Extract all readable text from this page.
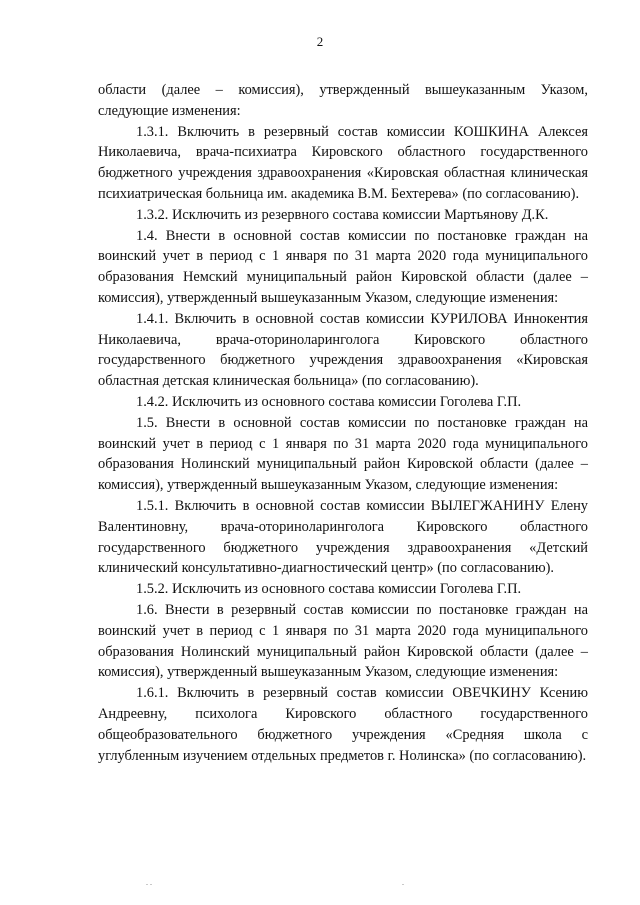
2

области (далее – комиссия), утвержденный вышеуказанным Указом, следующие изменения:

1.3.1. Включить в резервный состав комиссии КОШКИНА Алексея Николаевича, врача-психиатра Кировского областного государственного бюджетного учреждения здравоохранения «Кировская областная клиническая психиатрическая больница им. академика В.М. Бехтерева» (по согласованию).

1.3.2. Исключить из резервного состава комиссии Мартьянову Д.К.

1.4. Внести в основной состав комиссии по постановке граждан на воинский учет в период с 1 января по 31 марта 2020 года муниципального образования Немский муниципальный район Кировской области (далее – комиссия), утвержденный вышеуказанным Указом, следующие изменения:

1.4.1. Включить в основной состав комиссии КУРИЛОВА Иннокентия Николаевича, врача-оториноларинголога Кировского областного государственного бюджетного учреждения здравоохранения «Кировская областная детская клиническая больница» (по согласованию).

1.4.2. Исключить из основного состава комиссии Гоголева Г.П.

1.5. Внести в основной состав комиссии по постановке граждан на воинский учет в период с 1 января по 31 марта 2020 года муниципального образования Нолинский муниципальный район Кировской области (далее – комиссия), утвержденный вышеуказанным Указом, следующие изменения:

1.5.1. Включить в основной состав комиссии ВЫЛЕГЖАНИНУ Елену Валентиновну, врача-оториноларинголога Кировского областного государственного бюджетного учреждения здравоохранения «Детский клинический консультативно-диагностический центр» (по согласованию).

1.5.2. Исключить из основного состава комиссии Гоголева Г.П.

1.6. Внести в резервный состав комиссии по постановке граждан на воинский учет в период с 1 января по 31 марта 2020 года муниципального образования Нолинский муниципальный район Кировской области (далее – комиссия), утвержденный вышеуказанным Указом, следующие изменения:

1.6.1. Включить в резервный состав комиссии ОВЕЧКИНУ Ксению Андреевну, психолога Кировского областного государственного общеобразовательного бюджетного учреждения «Средняя школа с углубленным изучением отдельных предметов г. Нолинска» (по согласованию).
